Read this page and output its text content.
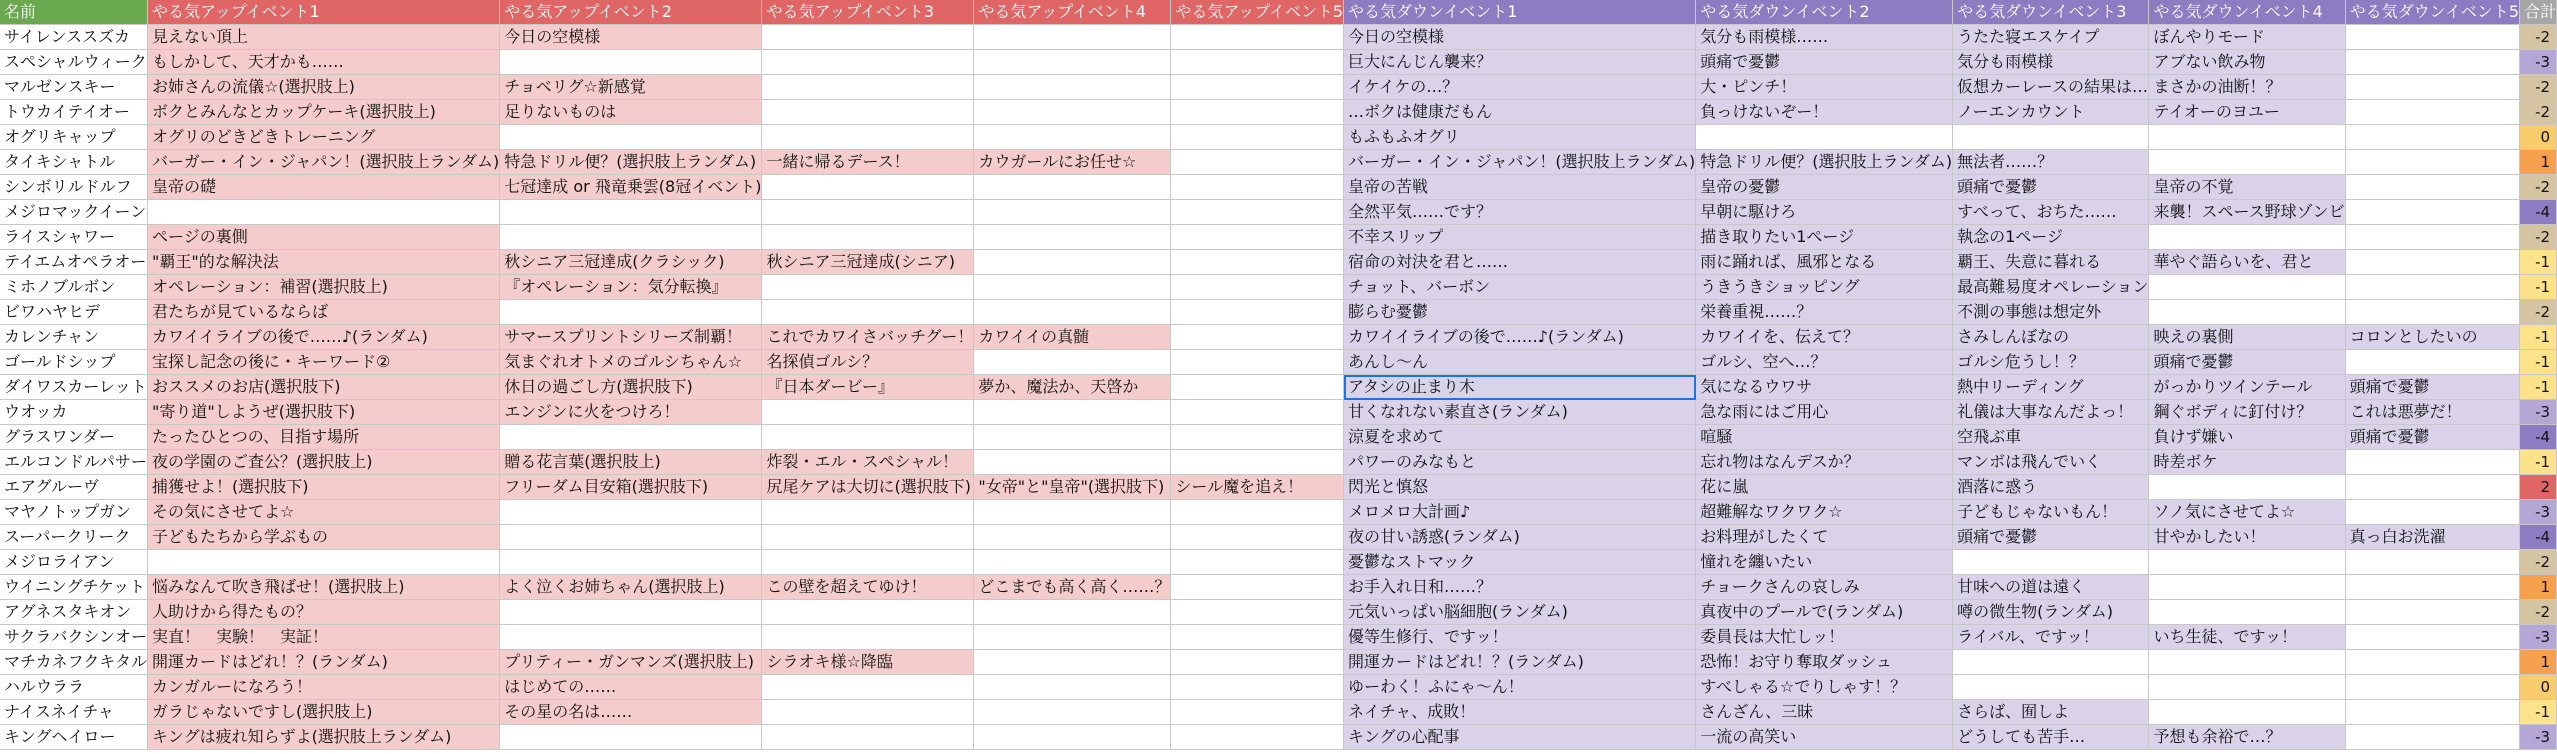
名前	やる気アップイベント1	やる気アップイベント2	やる気アップイベント3	やる気アップイベント4	やる気アップイベント5	やる気ダウンイベント1	やる気ダウンイベント2	やる気ダウンイベント3	やる気ダウンイベント4	やる気ダウンイベント5	合計
サイレンススズカ	見えない頂上	今日の空模様				今日の空模様	気分も雨模様……	うたた寝エスケイプ	ぼんやりモード		-2
スペシャルウィーク	もしかして、天才かも……					巨大にんじん襲来？	頭痛で憂鬱	気分も雨模様	アブない飲み物		-3
マルゼンスキー	お姉さんの流儀☆(選択肢上)	チョベリグ☆新感覚				イケイケの…？	大・ピンチ！	仮想カーレースの結果は…	まさかの油断！？		-2
トウカイテイオー	ボクとみんなとカップケーキ(選択肢上)	足りないものは				…ボクは健康だもん	負っけないぞー！	ノーエンカウント	テイオーのヨユー		-2
オグリキャップ	オグリのどきどきトレーニング					もふもふオグリ					0
タイキシャトル	バーガー・イン・ジャパン！(選択肢上ランダム)	特急ドリル便？(選択肢上ランダム)	一緒に帰るデース！	カウガールにお任せ☆		バーガー・イン・ジャパン！(選択肢上ランダム)	特急ドリル便？(選択肢上ランダム)	無法者……？			1
シンボリルドルフ	皇帝の礎	七冠達成 or 飛竜乗雲(8冠イベント)				皇帝の苦戦	皇帝の憂鬱	頭痛で憂鬱	皇帝の不覚		-2
メジロマックイーン						全然平気……です？	早朝に駆けろ	すべって、おちた……	来襲！スペース野球ゾンビ		-4
ライスシャワー	ページの裏側					不幸スリップ	描き取りたい1ページ	執念の1ページ			-2
テイエムオペラオー	"覇王"的な解決法	秋シニア三冠達成(クラシック)	秋シニア三冠達成(シニア)			宿命の対決を君と……	雨に踊れば、風邪となる	覇王、失意に暮れる	華やぐ語らいを、君と		-1
ミホノブルボン	オペレーション：補習(選択肢上)	『オペレーション：気分転換』				チョット、バーボン	うきうきショッピング	最高難易度オペレーション			-1
ビワハヤヒデ	君たちが見ているならば					膨らむ憂鬱	栄養重視……？	不測の事態は想定外			-2
カレンチャン	カワイイライブの後で……♪(ランダム)	サマースプリントシリーズ制覇！	これでカワイさバッチグー！	カワイイの真髄		カワイイライブの後で……♪(ランダム)	カワイイを、伝えて？	さみしんぼなの	映えの裏側	コロンとしたいの	-1
ゴールドシップ	宝探し記念の後に・キーワード②	気まぐれオトメのゴルシちゃん☆	名探偵ゴルシ？			あんし～ん	ゴルシ、空へ…？	ゴルシ危うし！？	頭痛で憂鬱		-1
ダイワスカーレット	おススメのお店(選択肢下)	休日の過ごし方(選択肢下)	『日本ダービー』	夢か、魔法か、天啓か		アタシの止まり木	気になるウワサ	熱中リーディング	がっかりツインテール	頭痛で憂鬱	-1
ウオッカ	"寄り道"しようぜ(選択肢下)	エンジンに火をつけろ！				甘くなれない素直さ(ランダム)	急な雨にはご用心	礼儀は大事なんだよっ！	鋼ぐボディに釘付け？	これは悪夢だ！	-3
グラスワンダー	たったひとつの、目指す場所					涼夏を求めて	喧騒	空飛ぶ車	負けず嫌い	頭痛で憂鬱	-4
エルコンドルパサー	夜の学園のご査公？(選択肢上)	贈る花言葉(選択肢上)	炸裂・エル・スペシャル！			パワーのみなもと	忘れ物はなんデスか？	マンボは飛んでいく	時差ボケ		-1
エアグルーヴ	捕獲せよ！(選択肢下)	フリーダム目安箱(選択肢下)	尻尾ケアは大切に(選択肢下)	"女帝"と"皇帝"(選択肢下)	シール魔を追え！	閃光と慎怒	花に嵐	酒落に惑う			2
マヤノトップガン	その気にさせてよ☆					メロメロ大計画♪	超難解なワクワク☆	子どもじゃないもん！	ソノ気にさせてよ☆		-3
スーパークリーク	子どもたちから学ぶもの					夜の甘い誘惑(ランダム)	お料理がしたくて	頭痛で憂鬱	甘やかしたい！	真っ白お洗濯	-4
メジロライアン						憂鬱なストマック	憧れを纏いたい				-2
ウイニングチケット	悩みなんて吹き飛ばせ！(選択肢上)	よく泣くお姉ちゃん(選択肢上)	この壁を超えてゆけ！	どこまでも高く高く……？		お手入れ日和……？	チョークさんの哀しみ	甘味への道は遠く			1
アグネスタキオン	人助けから得たもの？					元気いっぱい脳細胞(ランダム)	真夜中のプールで(ランダム)	噂の微生物(ランダム)			-2
サクラバクシンオー	実直！　実験！　実証！					優等生修行、ですッ！	委員長は大忙しッ！	ライバル、ですッ！	いち生徒、ですッ！		-3
マチカネフクキタル	開運カードはどれ！？(ランダム)	プリティー・ガンマンズ(選択肢上)	シラオキ様☆降臨			開運カードはどれ！？(ランダム)	恐怖！お守り奪取ダッシュ				1
ハルウララ	カンガルーになろう！	はじめての……				ゆーわく！ふにゃ～ん！	すべしゃる☆でりしゃす！？				0
ナイスネイチャ	ガラじゃないですし(選択肢上)	その星の名は……				ネイチャ、成敗！	さんざん、三昧	さらば、囿しよ			-1
キングヘイロー	キングは疲れ知らずよ(選択肢上ランダム)					キングの心配事	一流の高笑い	どうしても苦手…	予想も余裕で…？		-3
